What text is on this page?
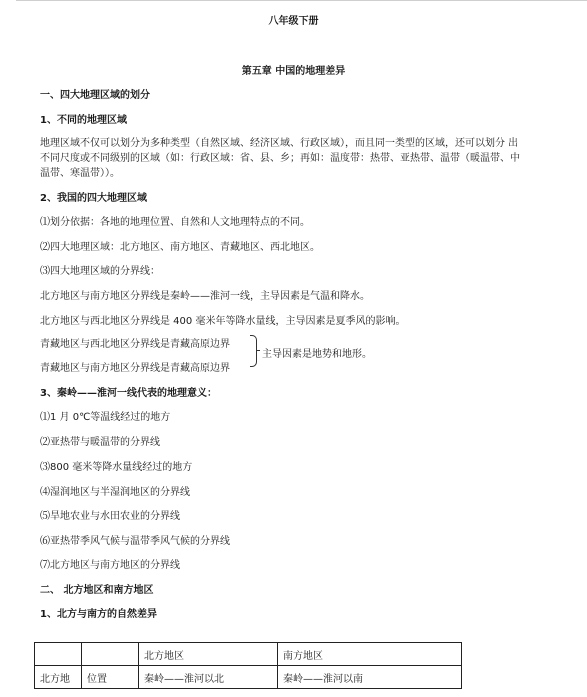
八年级下册
第五章 中国的地理差异
一、四大地理区域的划分
1、不同的地理区域
地理区域不仅可以划分为多种类型（自然区域、经济区域、行政区域），而且同一类型的区域，还可以划分 出
不同尺度或不同级别的区域（如：行政区域：省、县、乡；再如：温度带：热带、亚热带、温带（暖温带、中
温带、寒温带））。
2、我国的四大地理区域
⑴划分依据：各地的地理位置、自然和人文地理特点的不同。
⑵四大地理区域：北方地区、南方地区、青藏地区、西北地区。
⑶四大地理区域的分界线：
北方地区与南方地区分界线是秦岭——淮河一线，主导因素是气温和降水。
北方地区与西北地区分界线是 400 毫米年等降水量线，主导因素是夏季风的影响。
青藏地区与西北地区分界线是青藏高原边界
青藏地区与南方地区分界线是青藏高原边界
主导因素是地势和地形。
3、秦岭——淮河一线代表的地理意义：
⑴1 月 0℃等温线经过的地方
⑵亚热带与暖温带的分界线
⑶800 毫米等降水量线经过的地方
⑷湿润地区与半湿润地区的分界线
⑸旱地农业与水田农业的分界线
⑹亚热带季风气候与温带季风气候的分界线
⑺北方地区与南方地区的分界线
二、 北方地区和南方地区
1、北方与南方的自然差异
		北方地区	南方地区
北方地	位置	秦岭——淮河以北	秦岭——淮河以南
